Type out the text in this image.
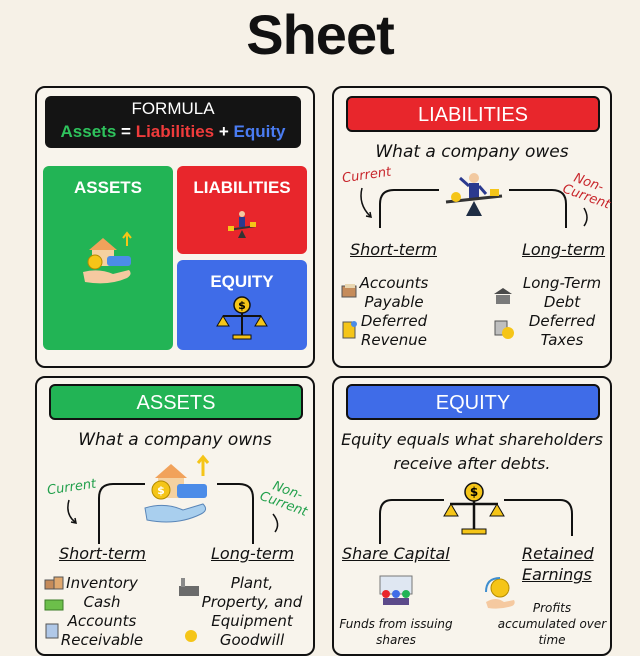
Sheet
FORMULA
Assets = Liabilities + Equity
ASSETS	LIABILITIES
EQUITY
$
LIABILITIES
What a company owes
Current	Non-Current
Short-term	Long-term
Accounts
Payable
Deferred
Revenue
Long-Term
Debt
Deferred
Taxes
ASSETS
What a company owns
Current	Non-Current
$
Short-term	Long-term
Inventory
Cash
Accounts
Receivable
Plant,
Property, and
Equipment
Goodwill
EQUITY
Equity equals what shareholders
receive after debts.
$
Share Capital	Retained
Earnings
Funds from issuing
shares
Profits
accumulated over
time
